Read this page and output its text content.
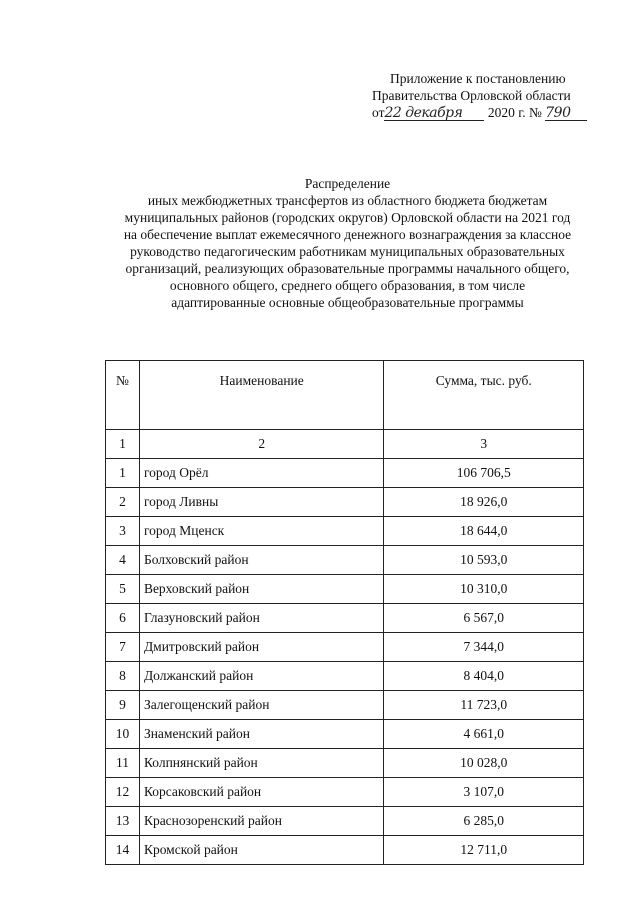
Приложение к постановлению
Правительства Орловской области
от22 декабря 2020 г. № 790
Распределение
иных межбюджетных трансфертов из областного бюджета бюджетам
муниципальных районов (городских округов) Орловской области на 2021 год
на обеспечение выплат ежемесячного денежного вознаграждения за классное
руководство педагогическим работникам муниципальных образовательных
организаций, реализующих образовательные программы начального общего,
основного общего, среднего общего образования, в том числе
адаптированные основные общеобразовательные программы
№	Наименование	Сумма, тыс. руб.
1	2	3
1	город Орёл	106 706,5
2	город Ливны	18 926,0
3	город Мценск	18 644,0
4	Болховский район	10 593,0
5	Верховский район	10 310,0
6	Глазуновский район	6 567,0
7	Дмитровский район	7 344,0
8	Должанский район	8 404,0
9	Залегощенский район	11 723,0
10	Знаменский район	4 661,0
11	Колпнянский район	10 028,0
12	Корсаковский район	3 107,0
13	Краснозоренский район	6 285,0
14	Кромской район	12 711,0
